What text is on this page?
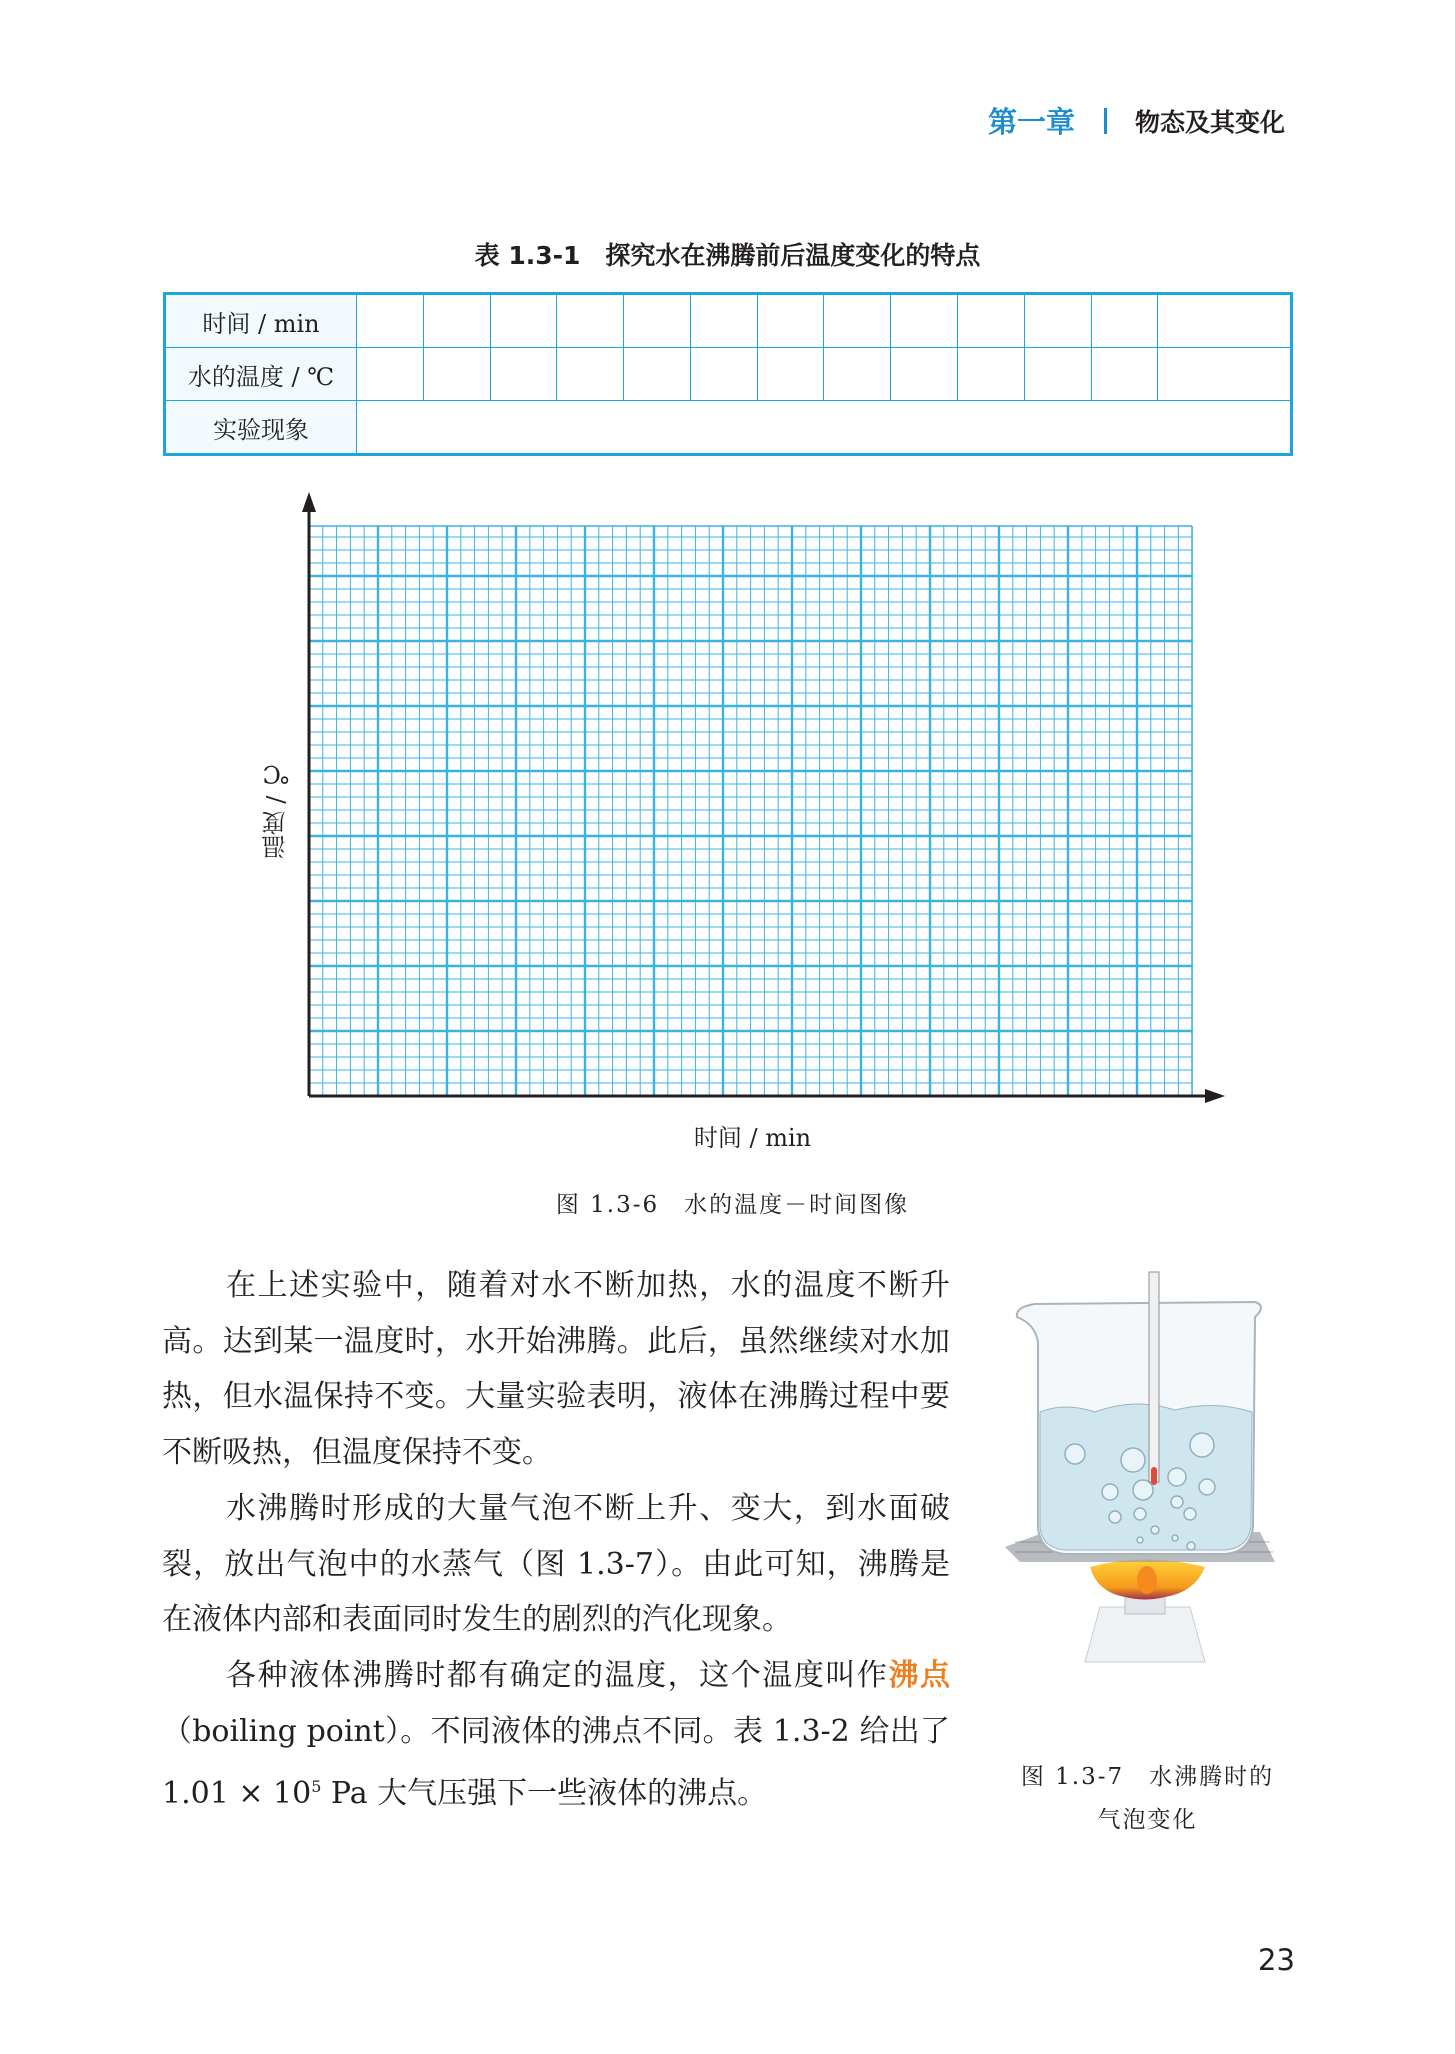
第一章 物态及其变化
表 1.3-1　探究水在沸腾前后温度变化的特点
时间 / min													
水的温度 / ℃													
实验现象													
温度 / ℃
时间 / min
图 1.3-6　水的温度－时间图像

在上述实验中，随着对水不断加热，水的温度不断升高。达到某一温度时，水开始沸腾。此后，虽然继续对水加热，但水温保持不变。大量实验表明，液体在沸腾过程中要不断吸热，但温度保持不变。

水沸腾时形成的大量气泡不断上升、变大，到水面破裂，放出气泡中的水蒸气（图 1.3-7）。由此可知，沸腾是在液体内部和表面同时发生的剧烈的汽化现象。

各种液体沸腾时都有确定的温度，这个温度叫作沸点（boiling point）。不同液体的沸点不同。表 1.3-2 给出了 $1.01 \times 10^5$ Pa 大气压强下一些液体的沸点。	图 1.3-7　水沸腾时的
气泡变化
23
